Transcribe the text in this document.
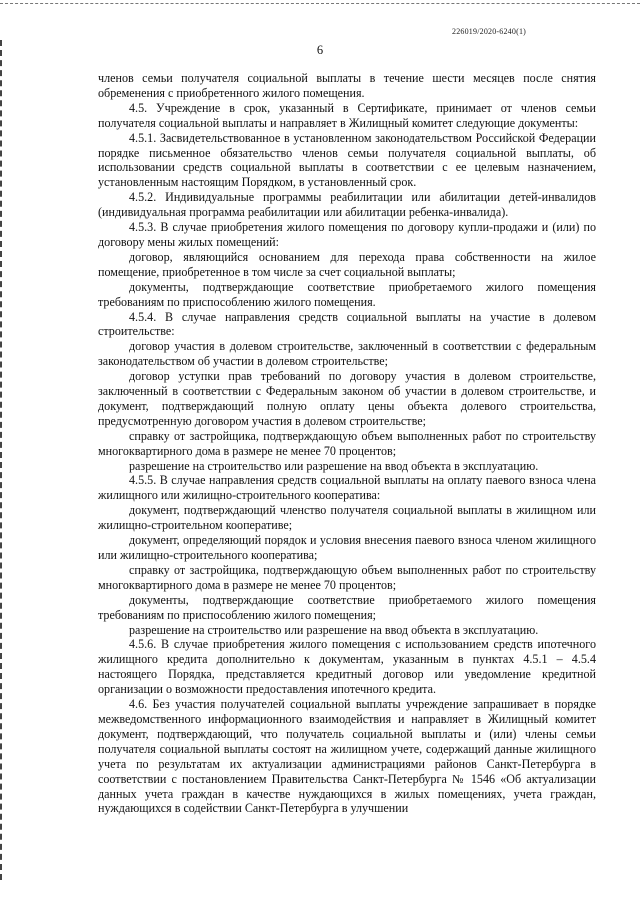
226019/2020-6240(1)
6

членов семьи получателя социальной выплаты в течение шести месяцев после снятия обременения с приобретенного жилого помещения.

4.5. Учреждение в срок, указанный в Сертификате, принимает от членов семьи получателя социальной выплаты и направляет в Жилищный комитет следующие документы:

4.5.1. Засвидетельствованное в установленном законодательством Российской Федерации порядке письменное обязательство членов семьи получателя социальной выплаты, об использовании средств социальной выплаты в соответствии с ее целевым назначением, установленным настоящим Порядком, в установленный срок.

4.5.2. Индивидуальные программы реабилитации или абилитации детей-инвалидов (индивидуальная программа реабилитации или абилитации ребенка-инвалида).

4.5.3. В случае приобретения жилого помещения по договору купли-продажи и (или) по договору мены жилых помещений:

договор, являющийся основанием для перехода права собственности на жилое помещение, приобретенное в том числе за счет социальной выплаты;

документы, подтверждающие соответствие приобретаемого жилого помещения требованиям по приспособлению жилого помещения.

4.5.4. В случае направления средств социальной выплаты на участие в долевом строительстве:

договор участия в долевом строительстве, заключенный в соответствии с федеральным законодательством об участии в долевом строительстве;

договор уступки прав требований по договору участия в долевом строительстве, заключенный в соответствии с Федеральным законом об участии в долевом строительстве, и документ, подтверждающий полную оплату цены объекта долевого строительства, предусмотренную договором участия в долевом строительстве;

справку от застройщика, подтверждающую объем выполненных работ по строительству многоквартирного дома в размере не менее 70 процентов;

разрешение на строительство или разрешение на ввод объекта в эксплуатацию.

4.5.5. В случае направления средств социальной выплаты на оплату паевого взноса члена жилищного или жилищно-строительного кооператива:

документ, подтверждающий членство получателя социальной выплаты в жилищном или жилищно-строительном кооперативе;

документ, определяющий порядок и условия внесения паевого взноса членом жилищного или жилищно-строительного кооператива;

справку от застройщика, подтверждающую объем выполненных работ по строительству многоквартирного дома в размере не менее 70 процентов;

документы, подтверждающие соответствие приобретаемого жилого помещения требованиям по приспособлению жилого помещения;

разрешение на строительство или разрешение на ввод объекта в эксплуатацию.

4.5.6. В случае приобретения жилого помещения с использованием средств ипотечного жилищного кредита дополнительно к документам, указанным в пунктах 4.5.1 – 4.5.4 настоящего Порядка, представляется кредитный договор или уведомление кредитной организации о возможности предоставления ипотечного кредита.

4.6. Без участия получателей социальной выплаты учреждение запрашивает в порядке межведомственного информационного взаимодействия и направляет в Жилищный комитет документ, подтверждающий, что получатель социальной выплаты и (или) члены семьи получателя социальной выплаты состоят на жилищном учете, содержащий данные жилищного учета по результатам их актуализации администрациями районов Санкт-Петербурга в соответствии с постановлением Правительства Санкт-Петербурга № 1546 «Об актуализации данных учета граждан в качестве нуждающихся в жилых помещениях, учета граждан, нуждающихся в содействии Санкт-Петербурга в улучшении
